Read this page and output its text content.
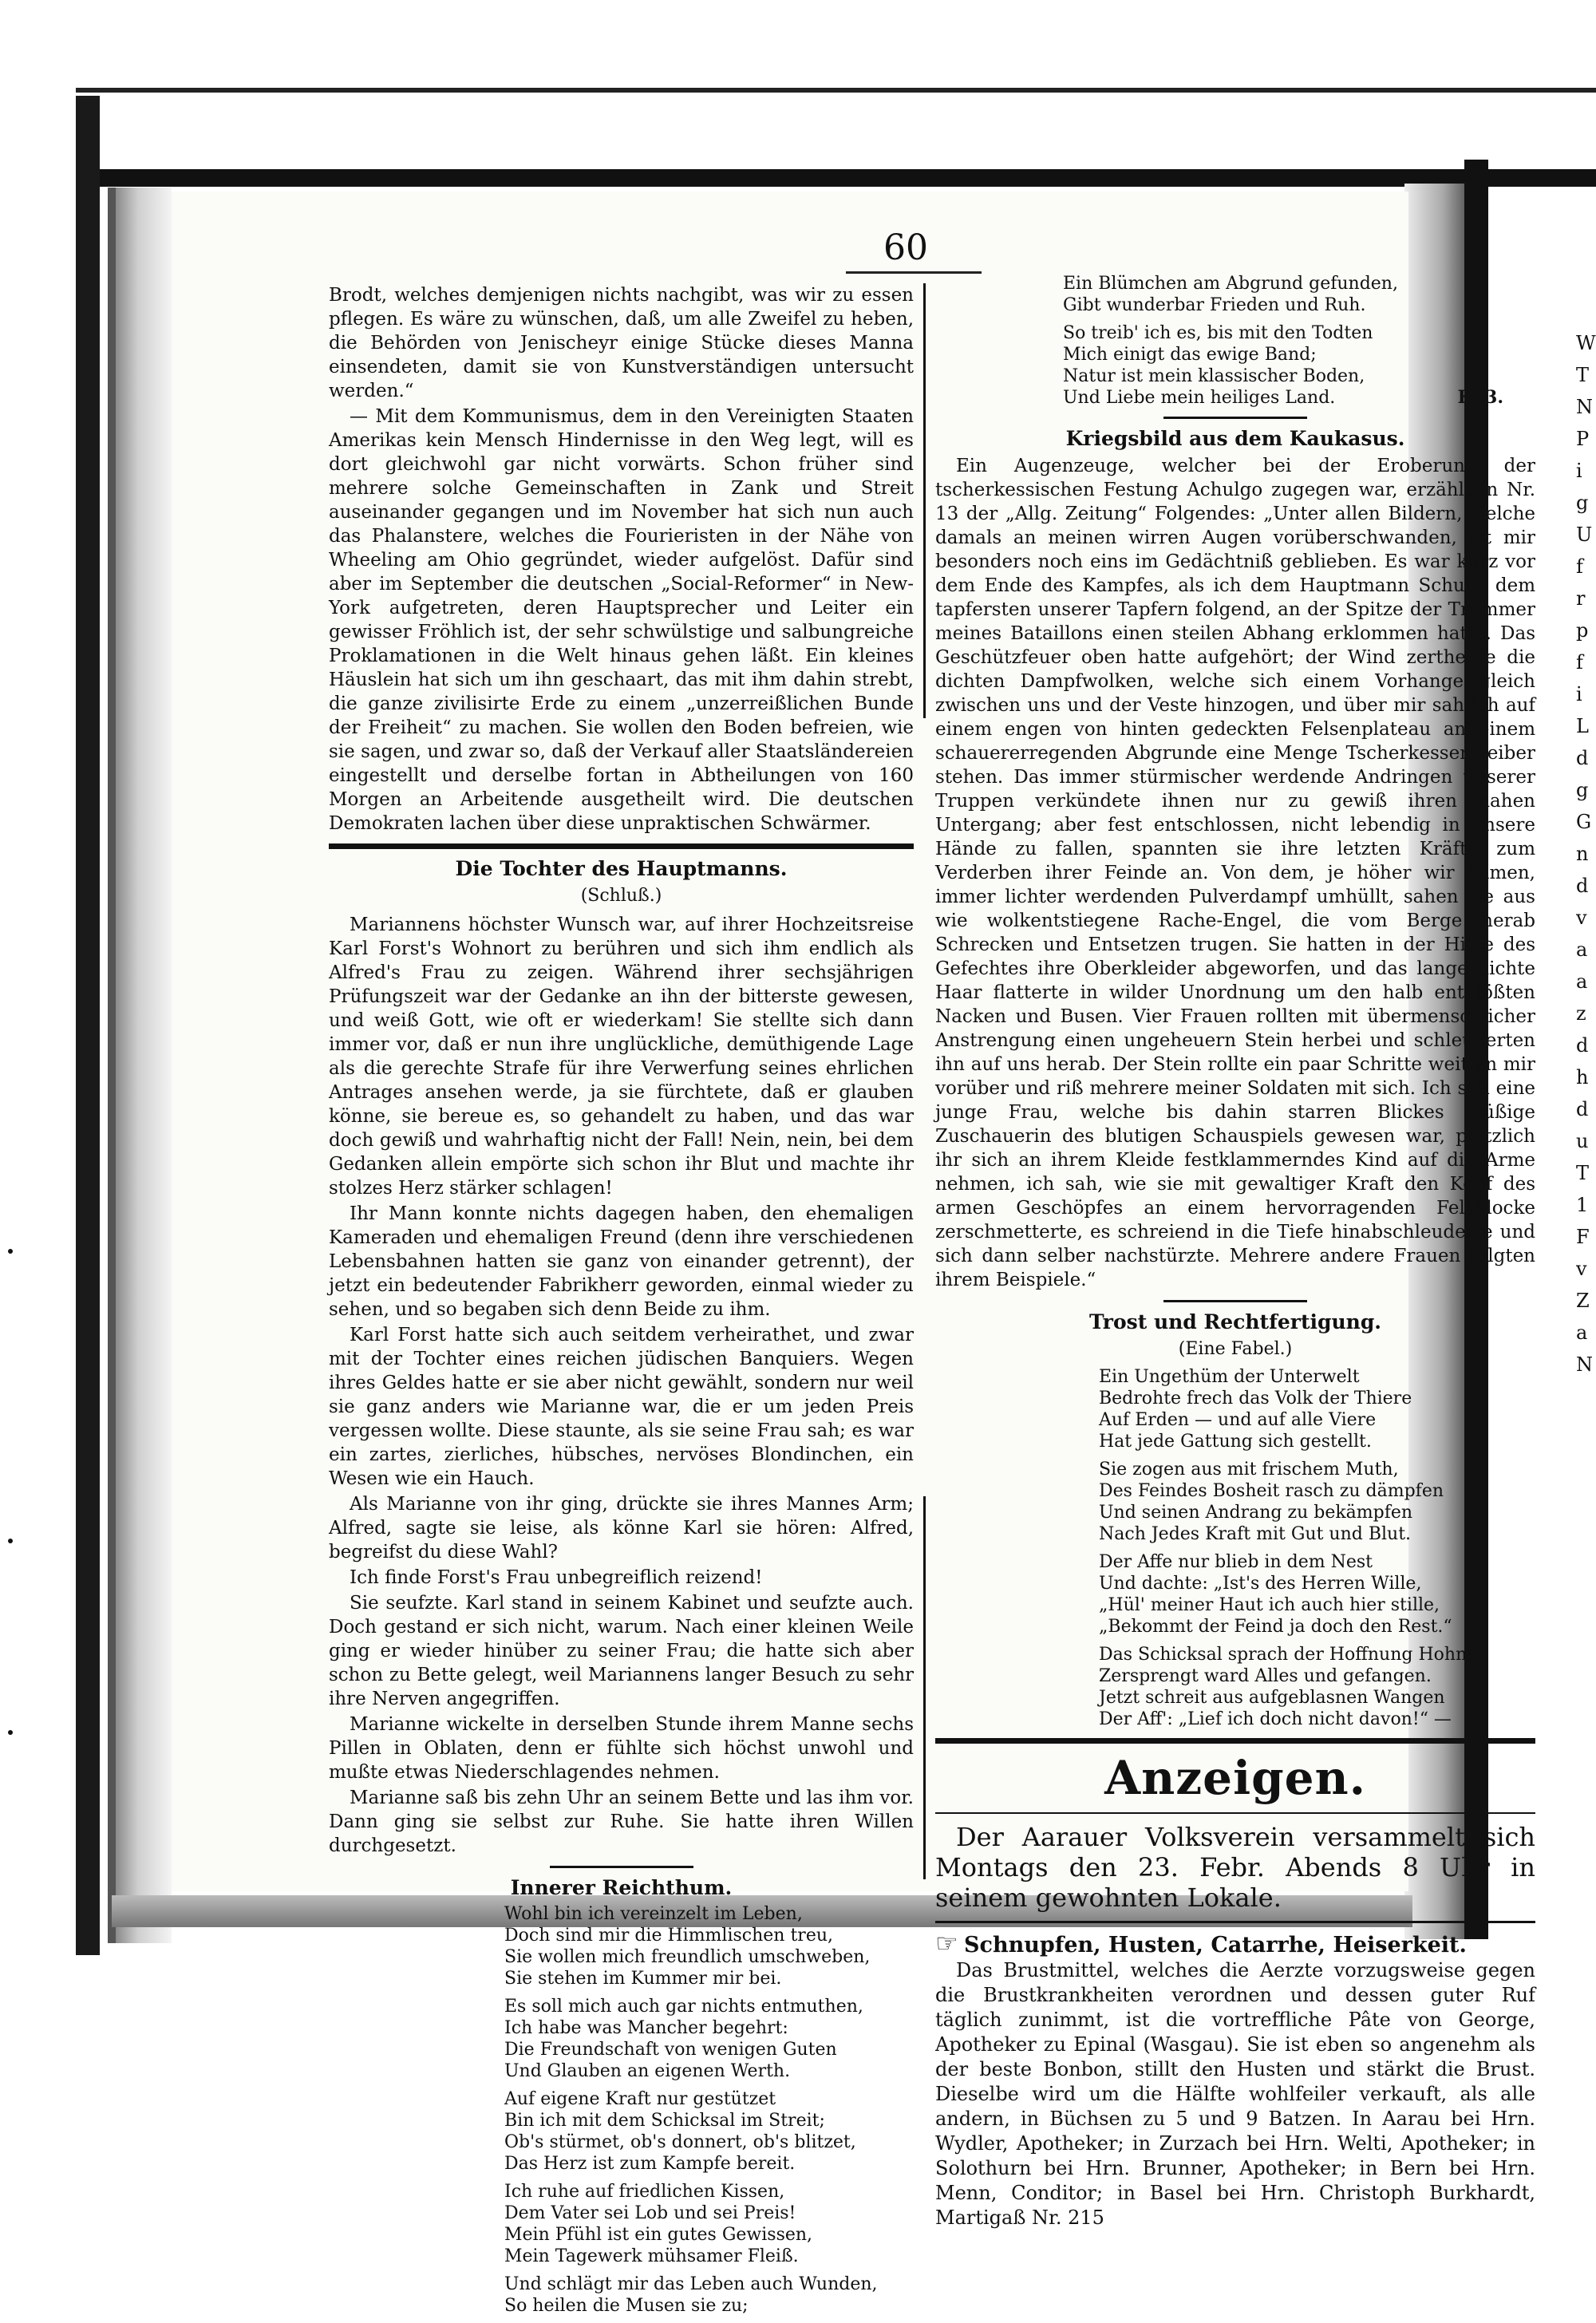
60

Brodt, welches demjenigen nichts nachgibt, was wir zu essen pflegen. Es wäre zu wünschen, daß, um alle Zweifel zu heben, die Behörden von Jenischeyr einige Stücke dieses Manna einsendeten, damit sie von Kunstverständigen untersucht werden.“

— Mit dem Kommunismus, dem in den Vereinigten Staaten Amerikas kein Mensch Hindernisse in den Weg legt, will es dort gleichwohl gar nicht vorwärts. Schon früher sind mehrere solche Gemeinschaften in Zank und Streit auseinander gegangen und im November hat sich nun auch das Phalanstere, welches die Fourieristen in der Nähe von Wheeling am Ohio gegründet, wieder aufgelöst. Dafür sind aber im September die deutschen „Social-Reformer“ in New-York aufgetreten, deren Hauptsprecher und Leiter ein gewisser Fröhlich ist, der sehr schwülstige und salbungreiche Proklamationen in die Welt hinaus gehen läßt. Ein kleines Häuslein hat sich um ihn geschaart, das mit ihm dahin strebt, die ganze zivilisirte Erde zu einem „unzerreißlichen Bunde der Freiheit“ zu machen. Sie wollen den Boden befreien, wie sie sagen, und zwar so, daß der Verkauf aller Staatsländereien eingestellt und derselbe fortan in Abtheilungen von 160 Morgen an Arbeitende ausgetheilt wird. Die deutschen Demokraten lachen über diese unpraktischen Schwärmer.

Die Tochter des Hauptmanns.
(Schluß.)

Mariannens höchster Wunsch war, auf ihrer Hochzeitsreise Karl Forst's Wohnort zu berühren und sich ihm endlich als Alfred's Frau zu zeigen. Während ihrer sechsjährigen Prüfungszeit war der Gedanke an ihn der bitterste gewesen, und weiß Gott, wie oft er wiederkam! Sie stellte sich dann immer vor, daß er nun ihre unglückliche, demüthigende Lage als die gerechte Strafe für ihre Verwerfung seines ehrlichen Antrages ansehen werde, ja sie fürchtete, daß er glauben könne, sie bereue es, so gehandelt zu haben, und das war doch gewiß und wahrhaftig nicht der Fall! Nein, nein, bei dem Gedanken allein empörte sich schon ihr Blut und machte ihr stolzes Herz stärker schlagen!

Ihr Mann konnte nichts dagegen haben, den ehemaligen Kameraden und ehemaligen Freund (denn ihre verschiedenen Lebensbahnen hatten sie ganz von einander getrennt), der jetzt ein bedeutender Fabrikherr geworden, einmal wieder zu sehen, und so begaben sich denn Beide zu ihm.

Karl Forst hatte sich auch seitdem verheirathet, und zwar mit der Tochter eines reichen jüdischen Banquiers. Wegen ihres Geldes hatte er sie aber nicht gewählt, sondern nur weil sie ganz anders wie Marianne war, die er um jeden Preis vergessen wollte. Diese staunte, als sie seine Frau sah; es war ein zartes, zierliches, hübsches, nervöses Blondinchen, ein Wesen wie ein Hauch.

Als Marianne von ihr ging, drückte sie ihres Mannes Arm; Alfred, sagte sie leise, als könne Karl sie hören: Alfred, begreifst du diese Wahl?

Ich finde Forst's Frau unbegreiflich reizend!

Sie seufzte. Karl stand in seinem Kabinet und seufzte auch. Doch gestand er sich nicht, warum. Nach einer kleinen Weile ging er wieder hinüber zu seiner Frau; die hatte sich aber schon zu Bette gelegt, weil Mariannens langer Besuch zu sehr ihre Nerven angegriffen.

Marianne wickelte in derselben Stunde ihrem Manne sechs Pillen in Oblaten, denn er fühlte sich höchst unwohl und mußte etwas Niederschlagendes nehmen.

Marianne saß bis zehn Uhr an seinem Bette und las ihm vor. Dann ging sie selbst zur Ruhe. Sie hatte ihren Willen durchgesetzt.

Innerer Reichthum.
Wohl bin ich vereinzelt im Leben,
Doch sind mir die Himmlischen treu,
Sie wollen mich freundlich umschweben,
Sie stehen im Kummer mir bei.
Es soll mich auch gar nichts entmuthen,
Ich habe was Mancher begehrt:
Die Freundschaft von wenigen Guten
Und Glauben an eigenen Werth.
Auf eigene Kraft nur gestützet
Bin ich mit dem Schicksal im Streit;
Ob's stürmet, ob's donnert, ob's blitzet,
Das Herz ist zum Kampfe bereit.
Ich ruhe auf friedlichen Kissen,
Dem Vater sei Lob und sei Preis!
Mein Pfühl ist ein gutes Gewissen,
Mein Tagewerk mühsamer Fleiß.
Und schlägt mir das Leben auch Wunden,
So heilen die Musen sie zu;
Ein Blümchen am Abgrund gefunden,
Gibt wunderbar Frieden und Ruh.
So treib' ich es, bis mit den Todten
Mich einigt das ewige Band;
Natur ist mein klassischer Boden,
Und Liebe mein heiliges Land.	K. 3.
Kriegsbild aus dem Kaukasus.

Ein Augenzeuge, welcher bei der Eroberung der tscherkessischen Festung Achulgo zugegen war, erzählt in Nr. 13 der „Allg. Zeitung“ Folgendes: „Unter allen Bildern, welche damals an meinen wirren Augen vorüberschwanden, ist mir besonders noch eins im Gedächtniß geblieben. Es war kurz vor dem Ende des Kampfes, als ich dem Hauptmann Schulz, dem tapfersten unserer Tapfern folgend, an der Spitze der Trümmer meines Bataillons einen steilen Abhang erklommen hatte. Das Geschützfeuer oben hatte aufgehört; der Wind zertheilte die dichten Dampfwolken, welche sich einem Vorhange gleich zwischen uns und der Veste hinzogen, und über mir sah ich auf einem engen von hinten gedeckten Felsenplateau an einem schauererregenden Abgrunde eine Menge Tscherkessenweiber stehen. Das immer stürmischer werdende Andringen unserer Truppen verkündete ihnen nur zu gewiß ihren nahen Untergang; aber fest entschlossen, nicht lebendig in unsere Hände zu fallen, spannten sie ihre letzten Kräfte zum Verderben ihrer Feinde an. Von dem, je höher wir kamen, immer lichter werdenden Pulverdampf umhüllt, sahen sie aus wie wolkentstiegene Rache-Engel, die vom Berge herab Schrecken und Entsetzen trugen. Sie hatten in der Hitze des Gefechtes ihre Oberkleider abgeworfen, und das lange dichte Haar flatterte in wilder Unordnung um den halb entblößten Nacken und Busen. Vier Frauen rollten mit übermenschlicher Anstrengung einen ungeheuern Stein herbei und schleuderten ihn auf uns herab. Der Stein rollte ein paar Schritte weit an mir vorüber und riß mehrere meiner Soldaten mit sich. Ich sah eine junge Frau, welche bis dahin starren Blickes müßige Zuschauerin des blutigen Schauspiels gewesen war, plötzlich ihr sich an ihrem Kleide festklammerndes Kind auf die Arme nehmen, ich sah, wie sie mit gewaltiger Kraft den Kopf des armen Geschöpfes an einem hervorragenden Felsblocke zerschmetterte, es schreiend in die Tiefe hinabschleuderte und sich dann selber nachstürzte. Mehrere andere Frauen folgten ihrem Beispiele.“

Trost und Rechtfertigung.
(Eine Fabel.)
Ein Ungethüm der Unterwelt
Bedrohte frech das Volk der Thiere
Auf Erden — und auf alle Viere
Hat jede Gattung sich gestellt.
Sie zogen aus mit frischem Muth,
Des Feindes Bosheit rasch zu dämpfen
Und seinen Andrang zu bekämpfen
Nach Jedes Kraft mit Gut und Blut.
Der Affe nur blieb in dem Nest
Und dachte: „Ist's des Herren Wille,
„Hül' meiner Haut ich auch hier stille,
„Bekommt der Feind ja doch den Rest.“
Das Schicksal sprach der Hoffnung Hohn:
Zersprengt ward Alles und gefangen.
Jetzt schreit aus aufgeblasnen Wangen
Der Aff': „Lief ich doch nicht davon!“ —
Anzeigen.
Der Aarauer Volksverein versammelt sich Montags den 23. Febr. Abends 8 Uhr in seinem gewohnten Lokale.
☞ Schnupfen, Husten, Catarrhe, Heiserkeit.

Das Brustmittel, welches die Aerzte vorzugsweise gegen die Brustkrankheiten verordnen und dessen guter Ruf täglich zunimmt, ist die vortreffliche Pâte von George, Apotheker zu Epinal (Wasgau). Sie ist eben so angenehm als der beste Bonbon, stillt den Husten und stärkt die Brust. Dieselbe wird um die Hälfte wohlfeiler verkauft, als alle andern, in Büchsen zu 5 und 9 Batzen. In Aarau bei Hrn. Wydler, Apotheker; in Zurzach bei Hrn. Welti, Apotheker; in Solothurn bei Hrn. Brunner, Apotheker; in Bern bei Hrn. Menn, Conditor; in Basel bei Hrn. Christoph Burkhardt, Martigaß Nr. 215

W
T
N
P
i
g
U
f
r
p
f
i
L
d
g
G
n
d
v
a
a
z
d
h
d
u
T
1
F
v
Z
a
N
